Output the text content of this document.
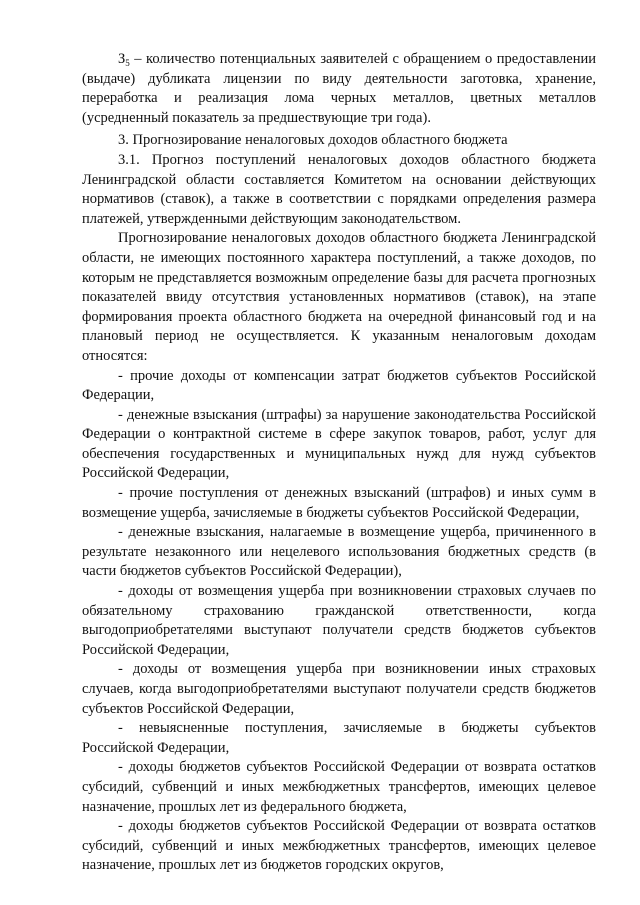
$З_5$ – количество потенциальных заявителей с обращением о предоставлении (выдаче) дубликата лицензии по виду деятельности заготовка, хранение, переработка и реализация лома черных металлов, цветных металлов (усредненный показатель за предшествующие три года).

3. Прогнозирование неналоговых доходов областного бюджета

3.1. Прогноз поступлений неналоговых доходов областного бюджета Ленинградской области составляется Комитетом на основании действующих нормативов (ставок), а также в соответствии с порядками определения размера платежей, утвержденными действующим законодательством.

Прогнозирование неналоговых доходов областного бюджета Ленинградской области, не имеющих постоянного характера поступлений, а также доходов, по которым не представляется возможным определение базы для расчета прогнозных показателей ввиду отсутствия установленных нормативов (ставок), на этапе формирования проекта областного бюджета на очередной финансовый год и на плановый период не осуществляется. К указанным неналоговым доходам относятся:

- прочие доходы от компенсации затрат бюджетов субъектов Российской Федерации,

- денежные взыскания (штрафы) за нарушение законодательства Российской Федерации о контрактной системе в сфере закупок товаров, работ, услуг для обеспечения государственных и муниципальных нужд для нужд субъектов Российской Федерации,

- прочие поступления от денежных взысканий (штрафов) и иных сумм в возмещение ущерба, зачисляемые в бюджеты субъектов Российской Федерации,

- денежные взыскания, налагаемые в возмещение ущерба, причиненного в результате незаконного или нецелевого использования бюджетных средств (в части бюджетов субъектов Российской Федерации),

- доходы от возмещения ущерба при возникновении страховых случаев по обязательному страхованию гражданской ответственности, когда выгодоприобретателями выступают получатели средств бюджетов субъектов Российской Федерации,

- доходы от возмещения ущерба при возникновении иных страховых случаев, когда выгодоприобретателями выступают получатели средств бюджетов субъектов Российской Федерации,

- невыясненные поступления, зачисляемые в бюджеты субъектов Российской Федерации,

- доходы бюджетов субъектов Российской Федерации от возврата остатков субсидий, субвенций и иных межбюджетных трансфертов, имеющих целевое назначение, прошлых лет из федерального бюджета,

- доходы бюджетов субъектов Российской Федерации от возврата остатков субсидий, субвенций и иных межбюджетных трансфертов, имеющих целевое назначение, прошлых лет из бюджетов городских округов,
